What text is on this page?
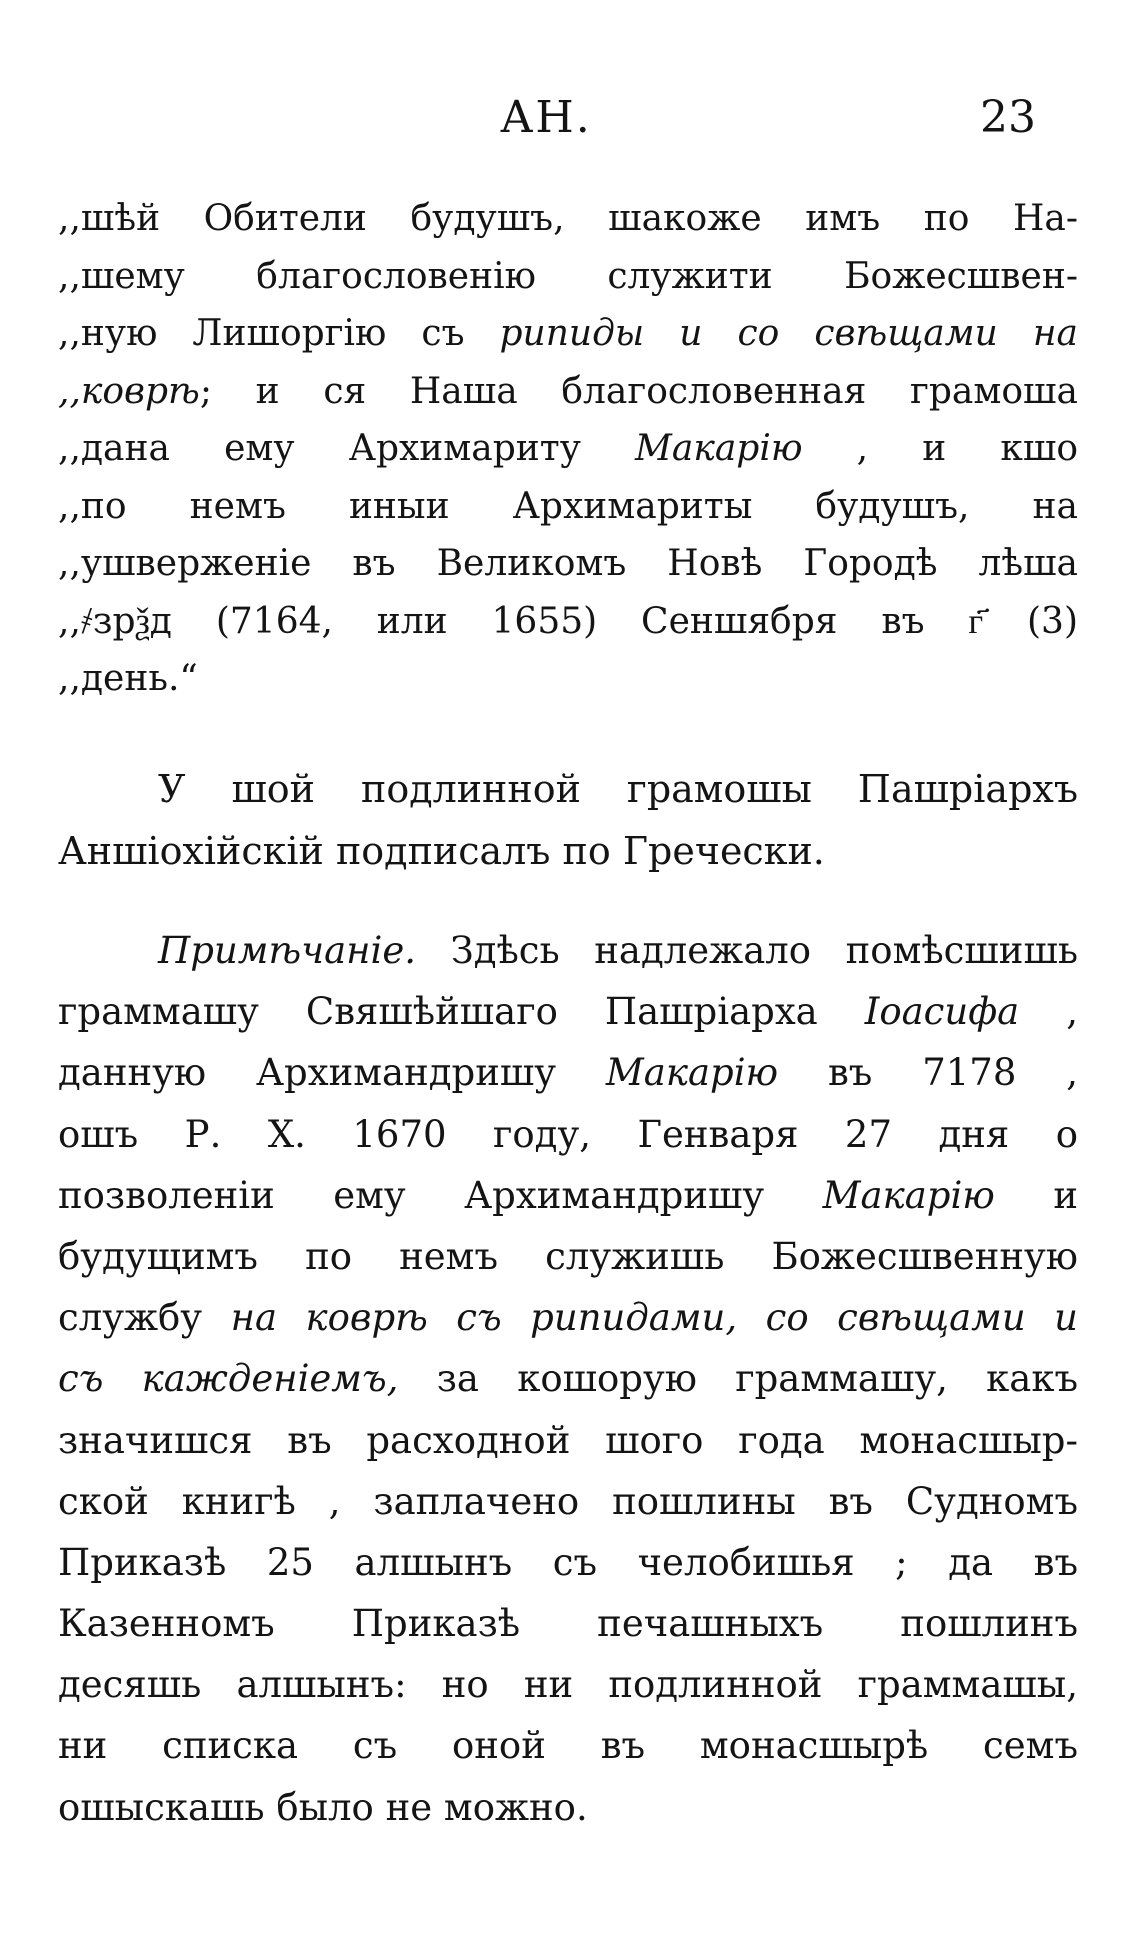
АН.	23
,,шѣй Обители будушъ, шакоже имъ по На-
,,шему благословенію служити Божесшвен-
,,ную Лишоргію съ рипиды и со свѣщами на
,,коврѣ; и ся Наша благословенная грамоша
,,дана ему Архимариту Макарію , и кшо
,,по немъ иныи Архимариты будушъ, на
,,ушверженіе въ Великомъ Новѣ Городѣ лѣша
,,҂зрѯд (7164, или 1655) Сеншября въ г҃ (3)
,,день.“
У шой подлинной грамошы Пашріархъ
Аншіохійскій подписалъ по Гречески.
Примѣчаніе. Здѣсь надлежало помѣсшишь
граммашу Свяшѣйшаго Пашріарха Іоасифа ,
данную Архимандришу Макарію въ 7178 ,
ошъ Р. Х. 1670 году, Генваря 27 дня о
позволеніи ему Архимандришу Макарію и
будущимъ по немъ служишь Божесшвенную
службу на коврѣ съ рипидами, со свѣщами и
съ кажденіемъ, за кошорую граммашу, какъ
значишся въ расходной шого года монасшыр-
ской книгѣ , заплачено пошлины въ Судномъ
Приказѣ 25 алшынъ съ челобишья ; да въ
Казенномъ Приказѣ печашныхъ пошлинъ
десяшь алшынъ: но ни подлинной граммашы,
ни списка съ оной въ монасшырѣ семъ
ошыскашь было не можно.
